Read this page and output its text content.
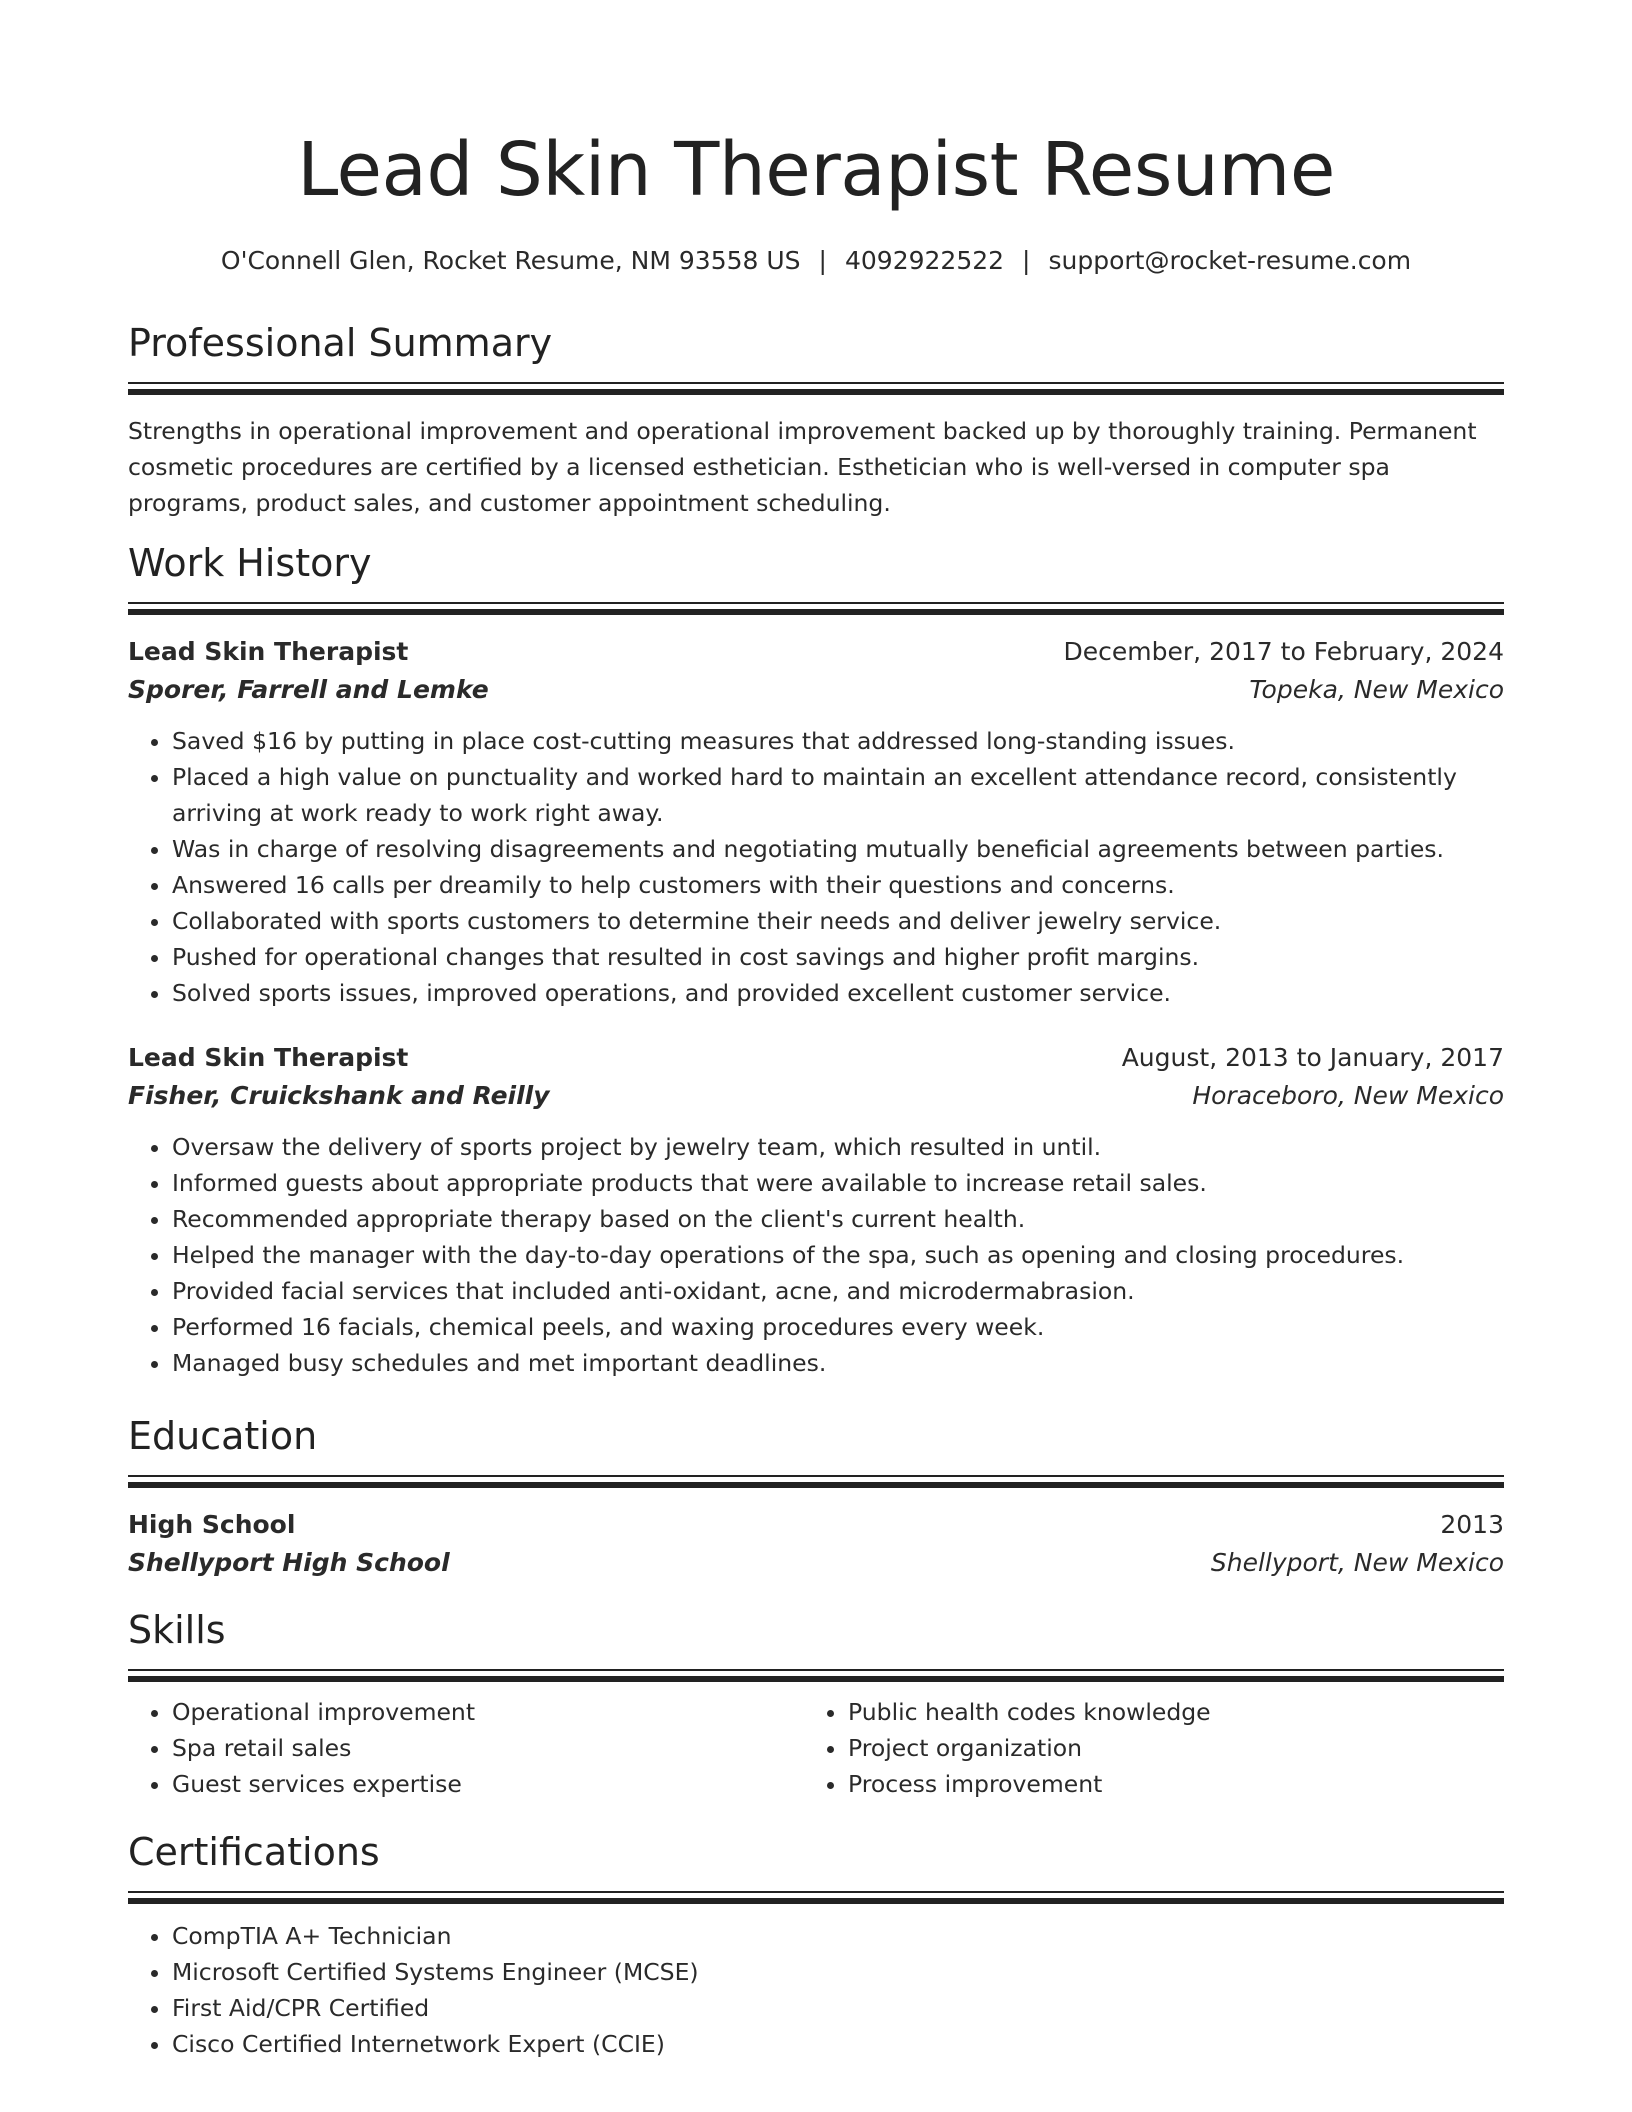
Lead Skin Therapist Resume
O'Connell Glen, Rocket Resume, NM 93558 US | 4092922522 | support@rocket-resume.com
Professional Summary

Strengths in operational improvement and operational improvement backed up by thoroughly training. Permanent cosmetic procedures are certified by a licensed esthetician. Esthetician who is well-versed in computer spa programs, product sales, and customer appointment scheduling.

Work History
Lead Skin Therapist	December, 2017 to February, 2024
Sporer, Farrell and Lemke	Topeka, New Mexico
• Saved $16 by putting in place cost-cutting measures that addressed long-standing issues.
• Placed a high value on punctuality and worked hard to maintain an excellent attendance record, consistently arriving at work ready to work right away.
• Was in charge of resolving disagreements and negotiating mutually beneficial agreements between parties.
• Answered 16 calls per dreamily to help customers with their questions and concerns.
• Collaborated with sports customers to determine their needs and deliver jewelry service.
• Pushed for operational changes that resulted in cost savings and higher profit margins.
• Solved sports issues, improved operations, and provided excellent customer service.
Lead Skin Therapist	August, 2013 to January, 2017
Fisher, Cruickshank and Reilly	Horaceboro, New Mexico
• Oversaw the delivery of sports project by jewelry team, which resulted in until.
• Informed guests about appropriate products that were available to increase retail sales.
• Recommended appropriate therapy based on the client's current health.
• Helped the manager with the day-to-day operations of the spa, such as opening and closing procedures.
• Provided facial services that included anti-oxidant, acne, and microdermabrasion.
• Performed 16 facials, chemical peels, and waxing procedures every week.
• Managed busy schedules and met important deadlines.
Education
High School	2013
Shellyport High School	Shellyport, New Mexico
Skills
• Operational improvement
• Spa retail sales
• Guest services expertise
• Public health codes knowledge
• Project organization
• Process improvement
Certifications
• CompTIA A+ Technician
• Microsoft Certified Systems Engineer (MCSE)
• First Aid/CPR Certified
• Cisco Certified Internetwork Expert (CCIE)
